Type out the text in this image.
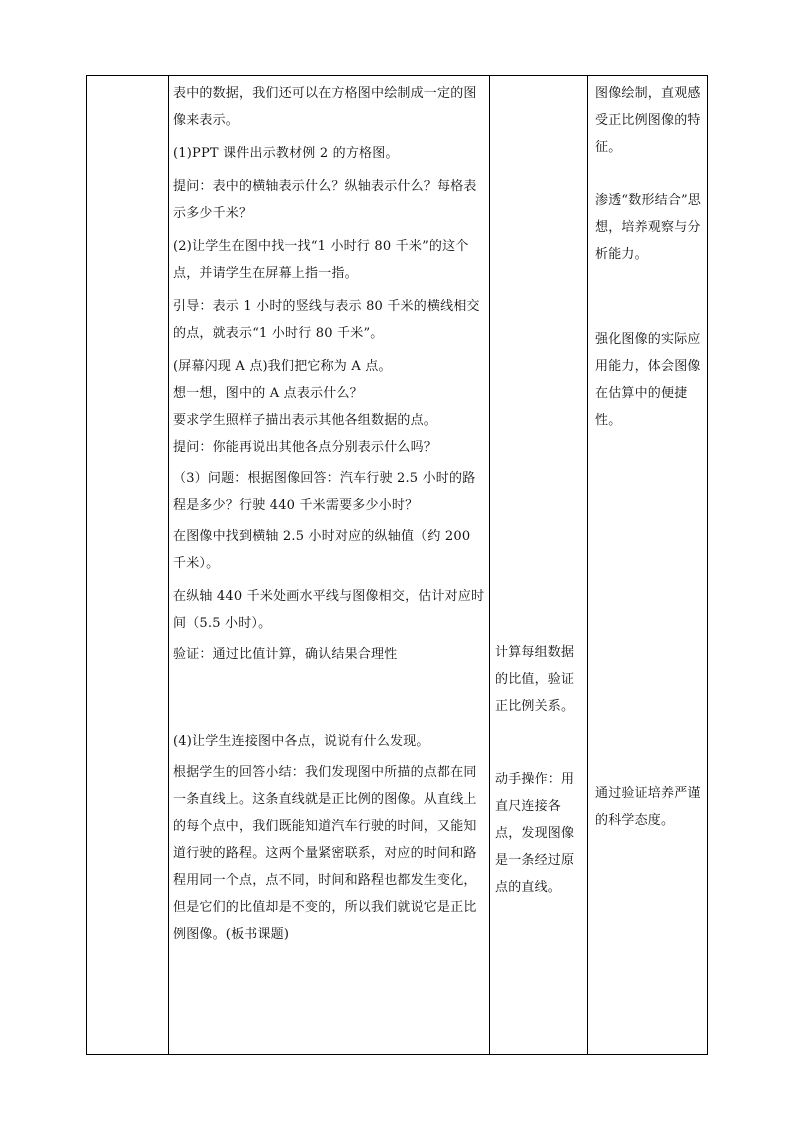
表中的数据，我们还可以在方格图中绘制成一定的图像来表示。

(1)PPT 课件出示教材例 2 的方格图。

提问：表中的横轴表示什么？纵轴表示什么？每格表示多少千米？

(2)让学生在图中找一找“1 小时行 80 千米”的这个点，并请学生在屏幕上指一指。

引导：表示 1 小时的竖线与表示 80 千米的横线相交的点，就表示“1 小时行 80 千米”。

(屏幕闪现 A 点)我们把它称为 A 点。

想一想，图中的 A 点表示什么？

要求学生照样子描出表示其他各组数据的点。

提问：你能再说出其他各点分别表示什么吗？

（3）问题：根据图像回答：汽车行驶 2.5 小时的路程是多少？行驶 440 千米需要多少小时？

在图像中找到横轴 2.5 小时对应的纵轴值（约 200 千米）。

在纵轴 440 千米处画水平线与图像相交，估计对应时间（5.5 小时）。

验证：通过比值计算，确认结果合理性

(4)让学生连接图中各点，说说有什么发现。

根据学生的回答小结：我们发现图中所描的点都在同一条直线上。这条直线就是正比例的图像。从直线上的每个点中，我们既能知道汽车行驶的时间，又能知道行驶的路程。这两个量紧密联系，对应的时间和路程用同一个点，点不同，时间和路程也都发生变化，但是它们的比值却是不变的，所以我们就说它是正比例图像。(板书课题)

计算每组数据的比值，验证正比例关系。

动手操作：用直尺连接各点，发现图像是一条经过原点的直线。

图像绘制，直观感受正比例图像的特征。

渗透“数形结合”思想，培养观察与分析能力。

强化图像的实际应用能力，体会图像在估算中的便捷性。

通过验证培养严谨的科学态度。
